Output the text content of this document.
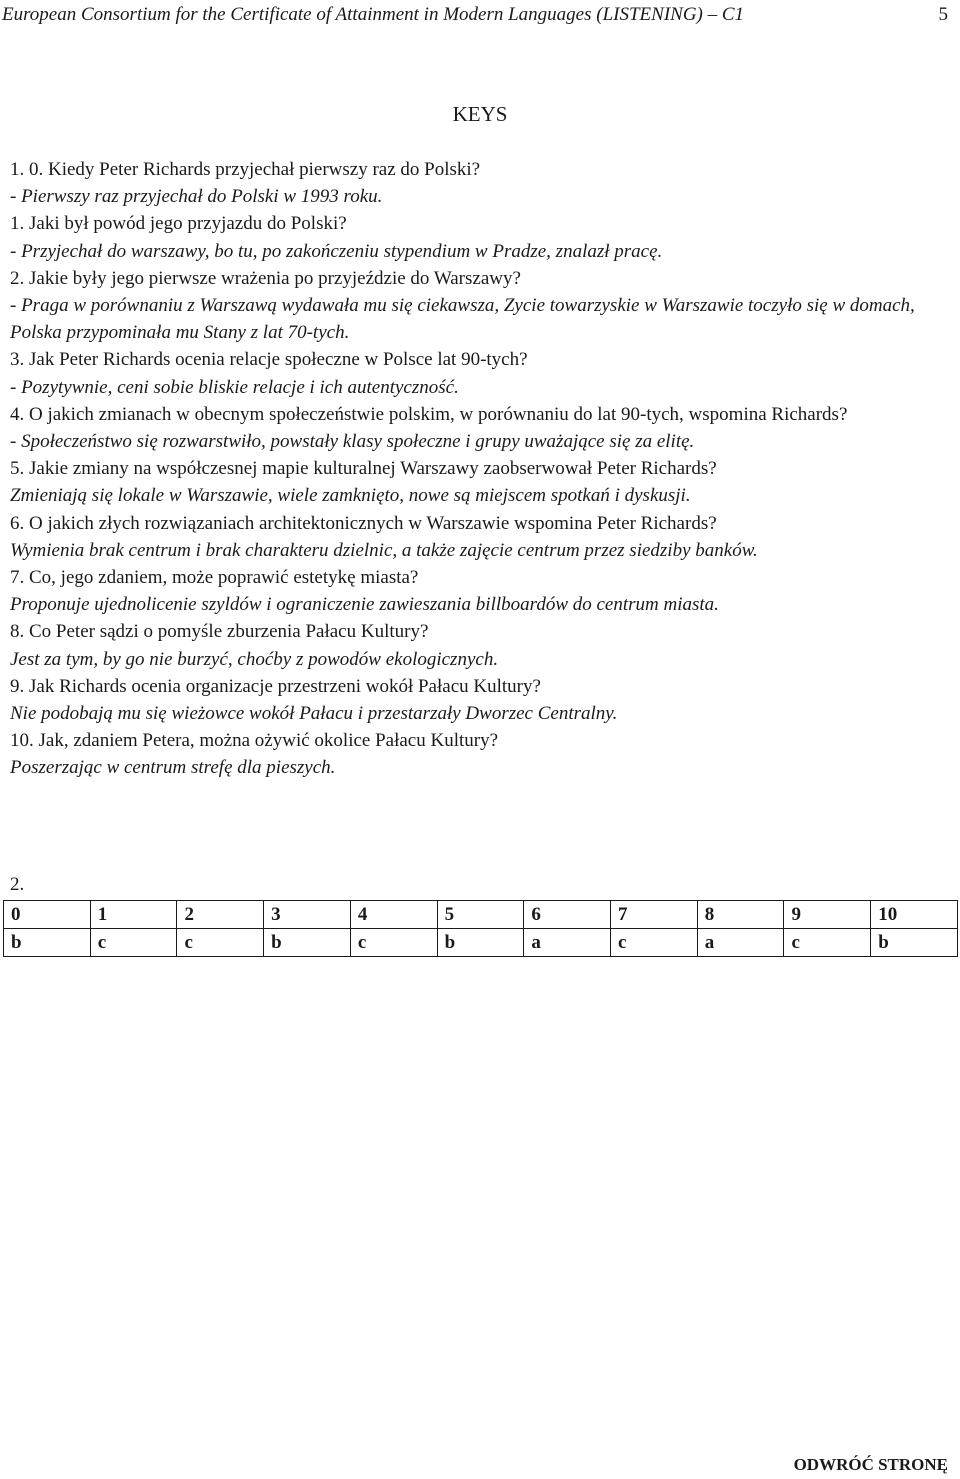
European Consortium for the Certificate of Attainment in Modern Languages (LISTENING) – C1	5
KEYS

1. 0. Kiedy Peter Richards przyjechał pierwszy raz do Polski?

- Pierwszy raz przyjechał do Polski w 1993 roku.

1. Jaki był powód jego przyjazdu do Polski?

- Przyjechał do warszawy, bo tu, po zakończeniu stypendium w Pradze, znalazł pracę.

2. Jakie były jego pierwsze wrażenia po przyjeździe do Warszawy?

- Praga w porównaniu z Warszawą wydawała mu się ciekawsza, Zycie towarzyskie w Warszawie toczyło się w domach, Polska przypominała mu Stany z lat 70-tych.

3. Jak Peter Richards ocenia relacje społeczne w Polsce lat 90-tych?

- Pozytywnie, ceni sobie bliskie relacje i ich autentyczność.

4. O jakich zmianach w obecnym społeczeństwie polskim, w porównaniu do lat 90-tych, wspomina Richards?

- Społeczeństwo się rozwarstwiło, powstały klasy społeczne i grupy uważające się za elitę.

5. Jakie zmiany na współczesnej mapie kulturalnej Warszawy zaobserwował Peter Richards?

Zmieniają się lokale w Warszawie, wiele zamknięto, nowe są miejscem spotkań i dyskusji.

6. O jakich złych rozwiązaniach architektonicznych w Warszawie wspomina Peter Richards?

Wymienia brak centrum i brak charakteru dzielnic, a także zajęcie centrum przez siedziby banków.

7. Co, jego zdaniem, może poprawić estetykę miasta?

Proponuje ujednolicenie szyldów i ograniczenie zawieszania billboardów do centrum miasta.

8. Co Peter sądzi o pomyśle zburzenia Pałacu Kultury?

Jest za tym, by go nie burzyć, choćby z powodów ekologicznych.

9. Jak Richards ocenia organizacje przestrzeni wokół Pałacu Kultury?

Nie podobają mu się wieżowce wokół Pałacu i przestarzały Dworzec Centralny.

10. Jak, zdaniem Petera, można ożywić okolice Pałacu Kultury?

Poszerzając w centrum strefę dla pieszych.

2.
0	1	2	3	4	5	6	7	8	9	10
b	c	c	b	c	b	a	c	a	c	b
ODWRÓĆ STRONĘ
